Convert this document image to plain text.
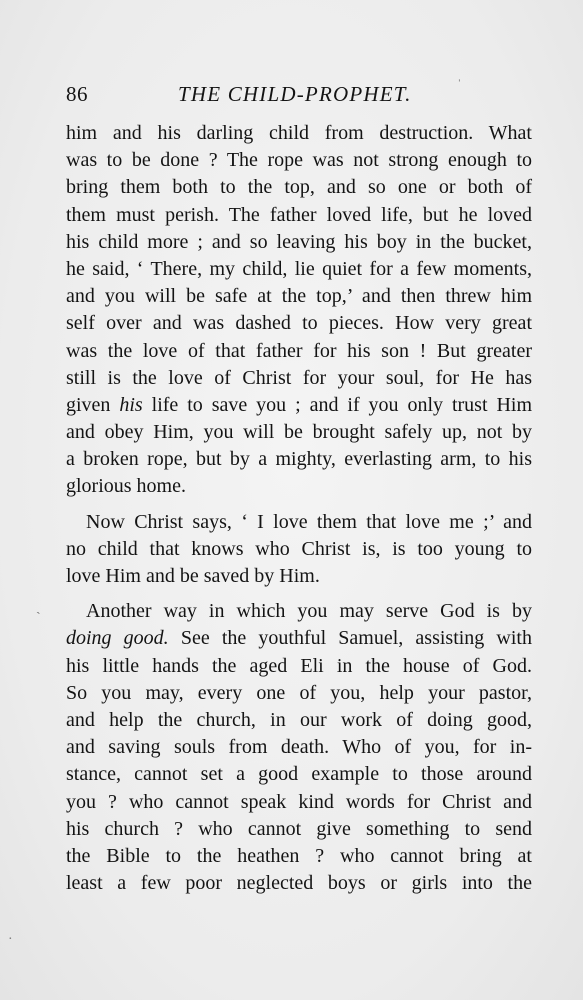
86	THE CHILD-PROPHET.	ˈ
ˏ
·
him and his darling child from destruction. What
was to be done ? The rope was not strong enough to
bring them both to the top, and so one or both of
them must perish. The father loved life, but he loved
his child more ; and so leaving his boy in the bucket,
he said, ‘ There, my child, lie quiet for a few moments,
and you will be safe at the top,’ and then threw him
self over and was dashed to pieces. How very great
was the love of that father for his son ! But greater
still is the love of Christ for your soul, for He has
given his life to save you ; and if you only trust Him
and obey Him, you will be brought safely up, not by
a broken rope, but by a mighty, everlasting arm, to his
glorious home.
Now Christ says, ‘ I love them that love me ;’ and
no child that knows who Christ is, is too young to
love Him and be saved by Him.
Another way in which you may serve God is by
doing good. See the youthful Samuel, assisting with
his little hands the aged Eli in the house of God.
So you may, every one of you, help your pastor,
and help the church, in our work of doing good,
and saving souls from death. Who of you, for in-
stance, cannot set a good example to those around
you ? who cannot speak kind words for Christ and
his church ? who cannot give something to send
the Bible to the heathen ? who cannot bring at
least a few poor neglected boys or girls into the
